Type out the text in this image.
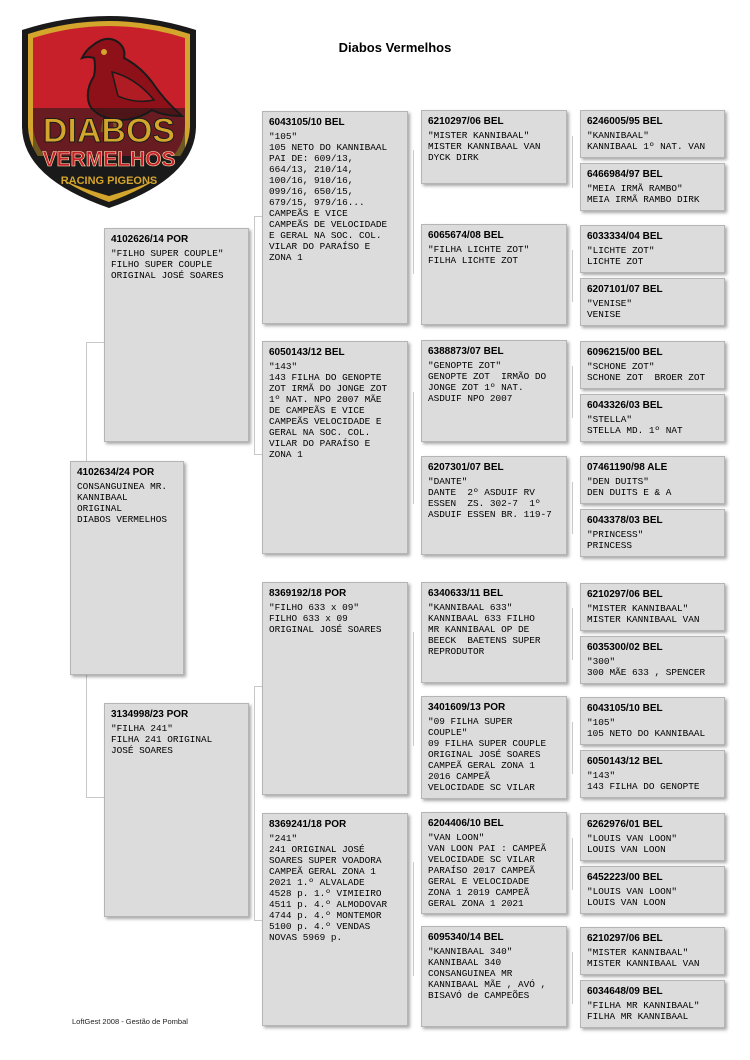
DIABOS
VERMELHOS
RACING PIGEONS
Diabos Vermelhos
4102634/24 POR
CONSANGUINEA MR.
KANNIBAAL  ORIGINAL
DIABOS VERMELHOS
4102626/14 POR
"FILHO SUPER COUPLE"
FILHO SUPER COUPLE
ORIGINAL JOSÉ SOARES
3134998/23 POR
"FILHA 241"
FILHA 241 ORIGINAL
JOSÉ SOARES
6043105/10 BEL
"105"
105 NETO DO KANNIBAAL
PAI DE: 609/13,
664/13, 210/14,
100/16, 910/16,
099/16, 650/15,
679/15, 979/16...
CAMPEÃS E VICE
CAMPEÃS DE VELOCIDADE
E GERAL NA SOC. COL.
VILAR DO PARAÍSO E
ZONA 1
6050143/12 BEL
"143"
143 FILHA DO GENOPTE
ZOT IRMÃ DO JONGE ZOT
1º NAT. NPO 2007 MÃE
DE CAMPEÃS E VICE
CAMPEÃS VELOCIDADE E
GERAL NA SOC. COL.
VILAR DO PARAÍSO E
ZONA 1
8369192/18 POR
"FILHO 633 x 09"
FILHO 633 x 09
ORIGINAL JOSÉ SOARES
8369241/18 POR
"241"
241 ORIGINAL JOSÉ
SOARES SUPER VOADORA
CAMPEÃ GERAL ZONA 1
2021 1.º ALVALADE
4528 p. 1.º VIMIEIRO
4511 p. 4.º ALMODOVAR
4744 p. 4.º MONTEMOR
5100 p. 4.º VENDAS
NOVAS 5969 p.
6210297/06 BEL
"MISTER KANNIBAAL"
MISTER KANNIBAAL VAN
DYCK DIRK
6065674/08 BEL
"FILHA LICHTE ZOT"
FILHA LICHTE ZOT
6388873/07 BEL
"GENOPTE ZOT"
GENOPTE ZOT  IRMÃO DO
JONGE ZOT 1º NAT.
ASDUIF NPO 2007
6207301/07 BEL
"DANTE"
DANTE  2º ASDUIF RV
ESSEN  ZS. 302-7  1º
ASDUIF ESSEN BR. 119-7
6340633/11 BEL
"KANNIBAAL 633"
KANNIBAAL 633 FILHO
MR KANNIBAAL OP DE
BEECK  BAETENS SUPER
REPRODUTOR
3401609/13 POR
"09 FILHA SUPER
COUPLE"
09 FILHA SUPER COUPLE
ORIGINAL JOSÉ SOARES
CAMPEÃ GERAL ZONA 1
2016 CAMPEÃ
VELOCIDADE SC VILAR
6204406/10 BEL
"VAN LOON"
VAN LOON PAI : CAMPEÃ
VELOCIDADE SC VILAR
PARAÍSO 2017 CAMPEÃ
GERAL E VELOCIDADE
ZONA 1 2019 CAMPEÃ
GERAL ZONA 1 2021
6095340/14 BEL
"KANNIBAAL 340"
KANNIBAAL 340
CONSANGUINEA MR
KANNIBAAL MÃE , AVÓ ,
BISAVÓ de CAMPEÕES
6246005/95 BEL
"KANNIBAAL"
KANNIBAAL 1º NAT. VAN
6466984/97 BEL
"MEIA IRMÃ RAMBO"
MEIA IRMÃ RAMBO DIRK
6033334/04 BEL
"LICHTE ZOT"
LICHTE ZOT
6207101/07 BEL
"VENISE"
VENISE
6096215/00 BEL
"SCHONE ZOT"
SCHONE ZOT  BROER ZOT
6043326/03 BEL
"STELLA"
STELLA MD. 1º NAT
07461190/98 ALE
"DEN DUITS"
DEN DUITS E & A
6043378/03 BEL
"PRINCESS"
PRINCESS
6210297/06 BEL
"MISTER KANNIBAAL"
MISTER KANNIBAAL VAN
6035300/02 BEL
"300"
300 MÃE 633 , SPENCER
6043105/10 BEL
"105"
105 NETO DO KANNIBAAL
6050143/12 BEL
"143"
143 FILHA DO GENOPTE
6262976/01 BEL
"LOUIS VAN LOON"
LOUIS VAN LOON
6452223/00 BEL
"LOUIS VAN LOON"
LOUIS VAN LOON
6210297/06 BEL
"MISTER KANNIBAAL"
MISTER KANNIBAAL VAN
6034648/09 BEL
"FILHA MR KANNIBAAL"
FILHA MR KANNIBAAL
LoftGest 2008 - Gestão de Pombal
